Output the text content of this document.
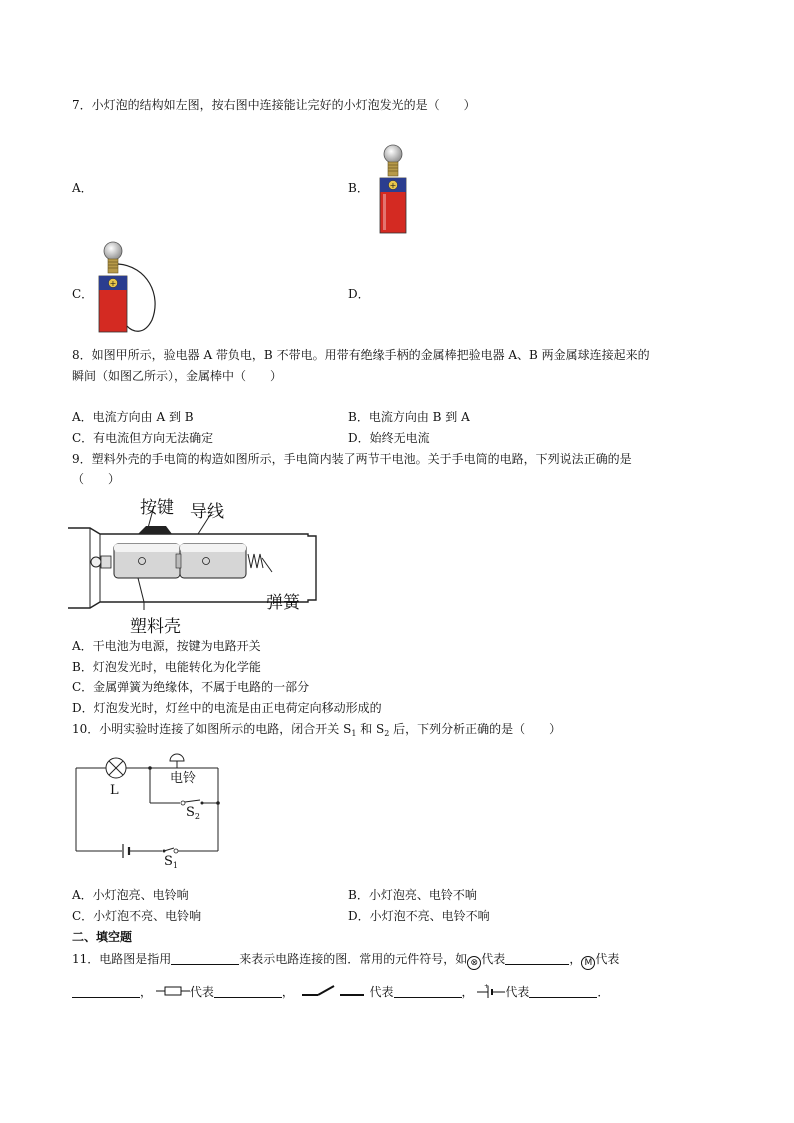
7．小灯泡的结构如左图，按右图中连接能让完好的小灯泡发光的是（　　）
A．	B．
C．	D．
+
+
8．如图甲所示，验电器 A 带负电，B 不带电。用带有绝缘手柄的金属棒把验电器 A、B 两金属球连接起来的
瞬间（如图乙所示），金属棒中（　　）
A．电流方向由 A 到 B	B．电流方向由 B 到 A
C．有电流但方向无法确定	D．始终无电流
9．塑料外壳的手电筒的构造如图所示，手电筒内装了两节干电池。关于手电筒的电路，下列说法正确的是
（　　）
按键 导线
弹簧
塑料壳
A．干电池为电源，按键为电路开关
B．灯泡发光时，电能转化为化学能
C．金属弹簧为绝缘体，不属于电路的一部分
D．灯泡发光时，灯丝中的电流是由正电荷定向移动形成的
10．小明实验时连接了如图所示的电路，闭合开关 $S_1$ 和 $S_2$ 后，下列分析正确的是（　　）
电铃
L
$S_2$
$S_1$
A．小灯泡亮、电铃响	B．小灯泡亮、电铃不响
C．小灯泡不亮、电铃响	D．小灯泡不亮、电铃不响
二、填空题
11．电路图是指用	来表示电路连接的图．常用的元件符号，如 ⊗ 代表	， M 代表
，	代表	，	代表	， + 代表	．
